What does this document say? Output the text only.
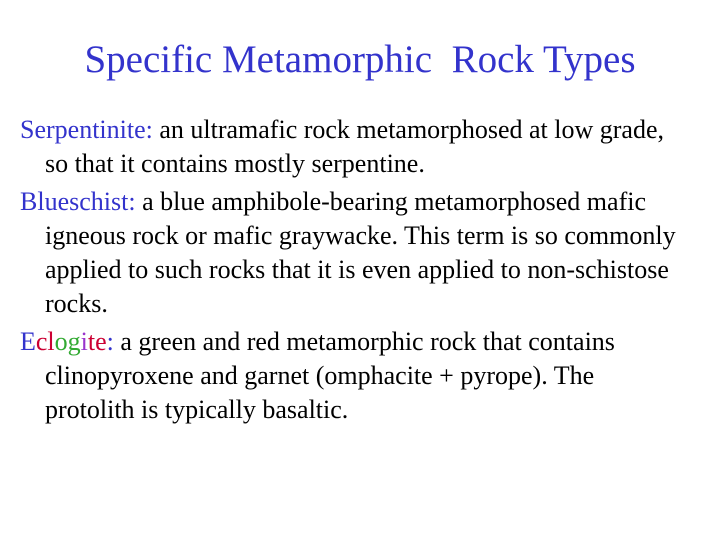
Specific Metamorphic  Rock Types

Serpentinite: an ultramafic rock metamorphosed at low grade, so that it contains mostly serpentine.

Blueschist: a blue amphibole-bearing metamorphosed mafic igneous rock or mafic graywacke. This term is so commonly applied to such rocks that it is even applied to non-schistose rocks.

Eclogite: a green and red metamorphic rock that contains clinopyroxene and garnet (omphacite + pyrope). The protolith is typically basaltic.
